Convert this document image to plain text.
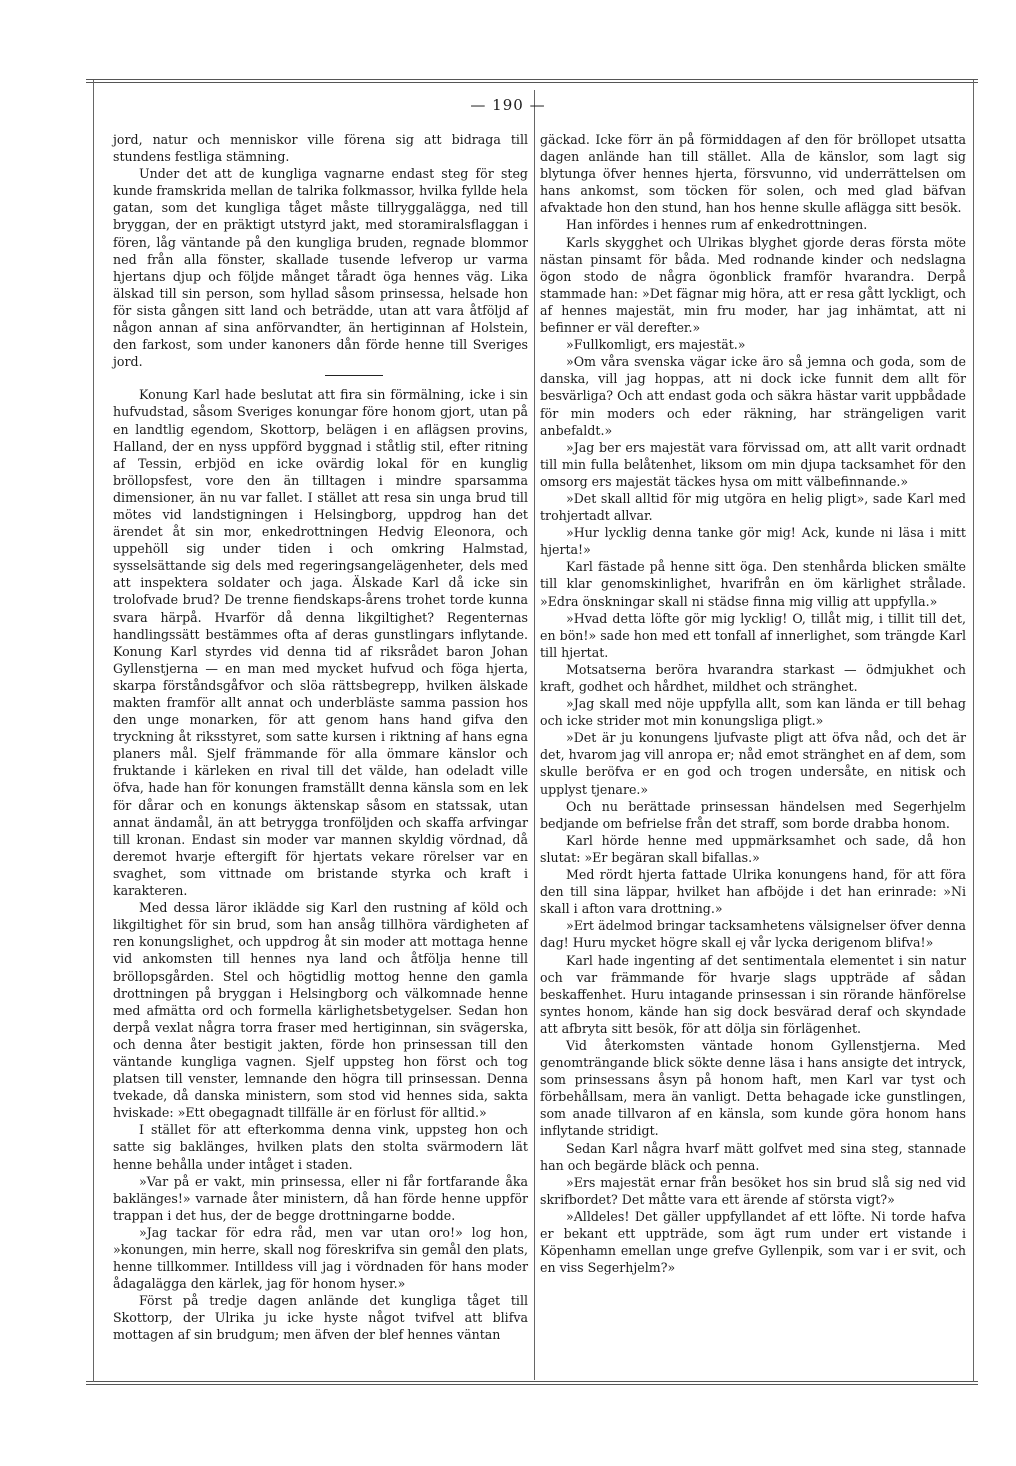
— 190 —

jord, natur och menniskor ville förena sig att bidraga till stundens festliga stämning.

Under det att de kungliga vagnarne endast steg för steg kunde framskrida mellan de talrika folkmassor, hvilka fyllde hela gatan, som det kungliga tåget måste tillryggalägga, ned till bryggan, der en präktigt utstyrd jakt, med storamiralsflaggan i fören, låg väntande på den kungliga bruden, regnade blommor ned från alla fönster, skallade tusende lefverop ur varma hjertans djup och följde månget tåradt öga hennes väg. Lika älskad till sin person, som hyllad såsom prinsessa, helsade hon för sista gången sitt land och beträdde, utan att vara åtföljd af någon annan af sina anförvandter, än hertiginnan af Holstein, den farkost, som under kanoners dån förde henne till Sveriges jord.

Konung Karl hade beslutat att fira sin förmälning, icke i sin hufvudstad, såsom Sveriges konungar före honom gjort, utan på en landtlig egendom, Skottorp, belägen i en aflägsen provins, Halland, der en nyss uppförd byggnad i ståtlig stil, efter ritning af Tessin, erbjöd en icke ovärdig lokal för en kunglig bröllopsfest, vore den än tilltagen i mindre sparsamma dimensioner, än nu var fallet. I stället att resa sin unga brud till mötes vid landstigningen i Helsingborg, uppdrog han det ärendet åt sin mor, enkedrottningen Hedvig Eleonora, och uppehöll sig under tiden i och omkring Halmstad, sysselsättande sig dels med regeringsangelägenheter, dels med att inspektera soldater och jaga. Älskade Karl då icke sin trolofvade brud? De trenne fiendskaps-årens trohet torde kunna svara härpå. Hvarför då denna likgiltighet? Regenternas handlingssätt bestämmes ofta af deras gunstlingars inflytande. Konung Karl styrdes vid denna tid af riksrådet baron Johan Gyllenstjerna — en man med mycket hufvud och föga hjerta, skarpa förståndsgåfvor och slöa rättsbegrepp, hvilken älskade makten framför allt annat och underbläste samma passion hos den unge monarken, för att genom hans hand gifva den tryckning åt riksstyret, som satte kursen i riktning af hans egna planers mål. Sjelf främmande för alla ömmare känslor och fruktande i kärleken en rival till det välde, han odeladt ville öfva, hade han för konungen framställt denna känsla som en lek för dårar och en konungs äktenskap såsom en statssak, utan annat ändamål, än att betrygga tronföljden och skaffa arfvingar till kronan. Endast sin moder var mannen skyldig vördnad, då deremot hvarje eftergift för hjertats vekare rörelser var en svaghet, som vittnade om bristande styrka och kraft i karakteren.

Med dessa läror iklädde sig Karl den rustning af köld och likgiltighet för sin brud, som han ansåg tillhöra värdigheten af ren konungslighet, och uppdrog åt sin moder att mottaga henne vid ankomsten till hennes nya land och åtfölja henne till bröllopsgården. Stel och högtidlig mottog henne den gamla drottningen på bryggan i Helsingborg och välkomnade henne med afmätta ord och formella kärlighetsbetygelser. Sedan hon derpå vexlat några torra fraser med hertiginnan, sin svägerska, och denna åter bestigit jakten, förde hon prinsessan till den väntande kungliga vagnen. Sjelf uppsteg hon först och tog platsen till venster, lemnande den högra till prinsessan. Denna tvekade, då danska ministern, som stod vid hennes sida, sakta hviskade: »Ett obegagnadt tillfälle är en förlust för alltid.»

I stället för att efterkomma denna vink, uppsteg hon och satte sig baklänges, hvilken plats den stolta svärmodern lät henne behålla under intåget i staden.

»Var på er vakt, min prinsessa, eller ni får fortfarande åka baklänges!» varnade åter ministern, då han förde henne uppför trappan i det hus, der de begge drottningarne bodde.

»Jag tackar för edra råd, men var utan oro!» log hon, »konungen, min herre, skall nog föreskrifva sin gemål den plats, henne tillkommer. Intilldess vill jag i vördnaden för hans moder ådagalägga den kärlek, jag för honom hyser.»

Först på tredje dagen anlände det kungliga tåget till Skottorp, der Ulrika ju icke hyste något tvifvel att blifva mottagen af sin brudgum; men äfven der blef hennes väntan

gäckad. Icke förr än på förmiddagen af den för bröllopet utsatta dagen anlände han till stället. Alla de känslor, som lagt sig blytunga öfver hennes hjerta, försvunno, vid underrättelsen om hans ankomst, som töcken för solen, och med glad bäfvan afvaktade hon den stund, han hos henne skulle aflägga sitt besök.

Han infördes i hennes rum af enkedrottningen.

Karls skygghet och Ulrikas blyghet gjorde deras första möte nästan pinsamt för båda. Med rodnande kinder och nedslagna ögon stodo de några ögonblick framför hvarandra. Derpå stammade han: »Det fägnar mig höra, att er resa gått lyckligt, och af hennes majestät, min fru moder, har jag inhämtat, att ni befinner er väl derefter.»

»Fullkomligt, ers majestät.»

»Om våra svenska vägar icke äro så jemna och goda, som de danska, vill jag hoppas, att ni dock icke funnit dem allt för besvärliga? Och att endast goda och säkra hästar varit uppbådade för min moders och eder räkning, har strängeligen varit anbefaldt.»

»Jag ber ers majestät vara förvissad om, att allt varit ordnadt till min fulla belåtenhet, liksom om min djupa tacksamhet för den omsorg ers majestät täckes hysa om mitt välbefinnande.»

»Det skall alltid för mig utgöra en helig pligt», sade Karl med trohjertadt allvar.

»Hur lycklig denna tanke gör mig! Ack, kunde ni läsa i mitt hjerta!»

Karl fästade på henne sitt öga. Den stenhårda blicken smälte till klar genomskinlighet, hvarifrån en öm kärlighet strålade. »Edra önskningar skall ni städse finna mig villig att uppfylla.»

»Hvad detta löfte gör mig lycklig! O, tillåt mig, i tillit till det, en bön!» sade hon med ett tonfall af innerlighet, som trängde Karl till hjertat.

Motsatserna beröra hvarandra starkast — ödmjukhet och kraft, godhet och hårdhet, mildhet och stränghet.

»Jag skall med nöje uppfylla allt, som kan lända er till behag och icke strider mot min konungsliga pligt.»

»Det är ju konungens ljufvaste pligt att öfva nåd, och det är det, hvarom jag vill anropa er; nåd emot stränghet en af dem, som skulle beröfva er en god och trogen undersåte, en nitisk och upplyst tjenare.»

Och nu berättade prinsessan händelsen med Segerhjelm bedjande om befrielse från det straff, som borde drabba honom.

Karl hörde henne med uppmärksamhet och sade, då hon slutat: »Er begäran skall bifallas.»

Med rördt hjerta fattade Ulrika konungens hand, för att föra den till sina läppar, hvilket han afböjde i det han erinrade: »Ni skall i afton vara drottning.»

»Ert ädelmod bringar tacksamhetens välsignelser öfver denna dag! Huru mycket högre skall ej vår lycka derigenom blifva!»

Karl hade ingenting af det sentimentala elementet i sin natur och var främmande för hvarje slags uppträde af sådan beskaffenhet. Huru intagande prinsessan i sin rörande hänförelse syntes honom, kände han sig dock besvärad deraf och skyndade att afbryta sitt besök, för att dölja sin förlägenhet.

Vid återkomsten väntade honom Gyllenstjerna. Med genomträngande blick sökte denne läsa i hans ansigte det intryck, som prinsessans åsyn på honom haft, men Karl var tyst och förbehållsam, mera än vanligt. Detta behagade icke gunstlingen, som anade tillvaron af en känsla, som kunde göra honom hans inflytande stridigt.

Sedan Karl några hvarf mätt golfvet med sina steg, stannade han och begärde bläck och penna.

»Ers majestät ernar från besöket hos sin brud slå sig ned vid skrifbordet? Det måtte vara ett ärende af största vigt?»

»Alldeles! Det gäller uppfyllandet af ett löfte. Ni torde hafva er bekant ett uppträde, som ägt rum under ert vistande i Köpenhamn emellan unge grefve Gyllenpik, som var i er svit, och en viss Segerhjelm?»
